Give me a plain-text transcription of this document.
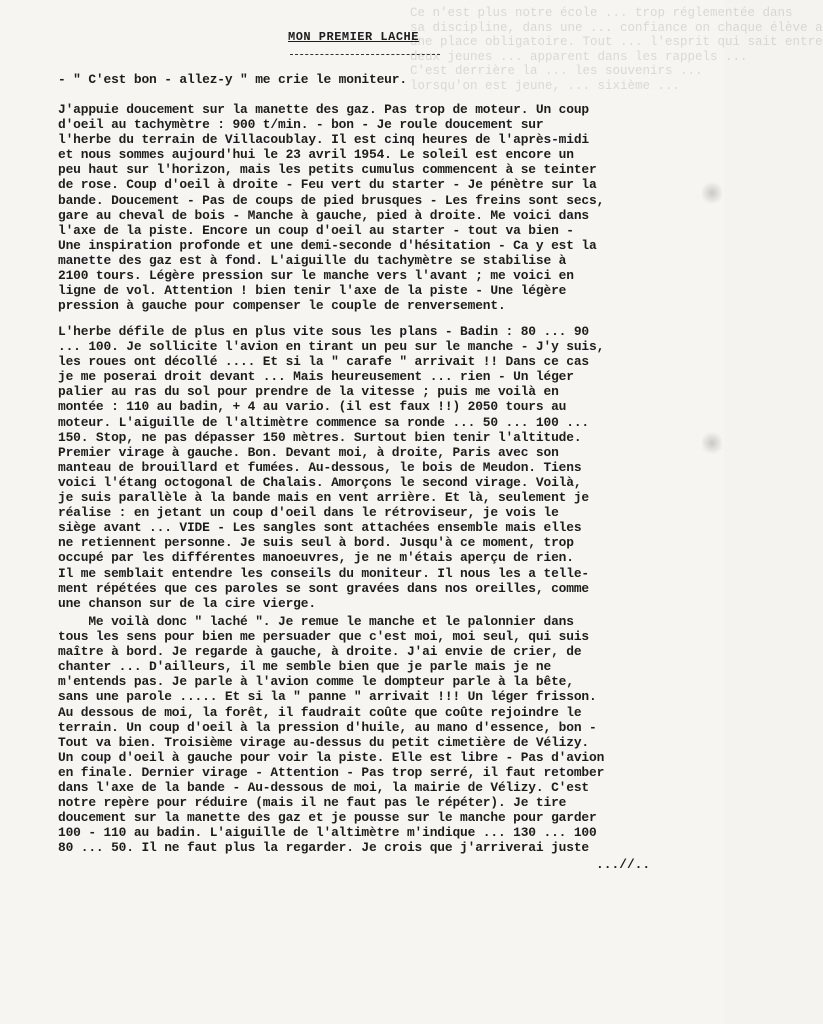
Ce n'est plus notre école ... trop réglementée dans
sa discipline, dans une ... confiance on chaque élève a
une place obligatoire. Tout ... l'esprit qui sait entre
deux jeunes ... apparent dans les rappels ...
C'est derrière la ... les souvenirs ...
lorsqu'on est jeune, ... sixième ...
MON PREMIER LACHE
- " C'est bon - allez-y " me crie le moniteur.
J'appuie doucement sur la manette des gaz. Pas trop de moteur. Un coup
d'oeil au tachymètre : 900 t/min. - bon - Je roule doucement sur
l'herbe du terrain de Villacoublay. Il est cinq heures de l'après-midi
et nous sommes aujourd'hui le 23 avril 1954. Le soleil est encore un
peu haut sur l'horizon, mais les petits cumulus commencent à se teinter
de rose. Coup d'oeil à droite - Feu vert du starter - Je pénètre sur la
bande. Doucement - Pas de coups de pied brusques - Les freins sont secs,
gare au cheval de bois - Manche à gauche, pied à droite. Me voici dans
l'axe de la piste. Encore un coup d'oeil au starter - tout va bien -
Une inspiration profonde et une demi-seconde d'hésitation - Ca y est la
manette des gaz est à fond. L'aiguille du tachymètre se stabilise à
2100 tours. Légère pression sur le manche vers l'avant ; me voici en
ligne de vol. Attention ! bien tenir l'axe de la piste - Une légère
pression à gauche pour compenser le couple de renversement.
L'herbe défile de plus en plus vite sous les plans - Badin : 80 ... 90
... 100. Je sollicite l'avion en tirant un peu sur le manche - J'y suis,
les roues ont décollé .... Et si la " carafe " arrivait !! Dans ce cas
je me poserai droit devant ... Mais heureusement ... rien - Un léger
palier au ras du sol pour prendre de la vitesse ; puis me voilà en
montée : 110 au badin, + 4 au vario. (il est faux !!) 2050 tours au
moteur. L'aiguille de l'altimètre commence sa ronde ... 50 ... 100 ...
150. Stop, ne pas dépasser 150 mètres. Surtout bien tenir l'altitude.
Premier virage à gauche. Bon. Devant moi, à droite, Paris avec son
manteau de brouillard et fumées. Au-dessous, le bois de Meudon. Tiens
voici l'étang octogonal de Chalais. Amorçons le second virage. Voilà,
je suis parallèle à la bande mais en vent arrière. Et là, seulement je
réalise : en jetant un coup d'oeil dans le rétroviseur, je vois le
siège avant ... VIDE - Les sangles sont attachées ensemble mais elles
ne retiennent personne. Je suis seul à bord. Jusqu'à ce moment, trop
occupé par les différentes manoeuvres, je ne m'étais aperçu de rien.
Il me semblait entendre les conseils du moniteur. Il nous les a telle-
ment répétées que ces paroles se sont gravées dans nos oreilles, comme
une chanson sur de la cire vierge.
Me voilà donc " laché ". Je remue le manche et le palonnier dans
tous les sens pour bien me persuader que c'est moi, moi seul, qui suis
maître à bord. Je regarde à gauche, à droite. J'ai envie de crier, de
chanter ... D'ailleurs, il me semble bien que je parle mais je ne
m'entends pas. Je parle à l'avion comme le dompteur parle à la bête,
sans une parole ..... Et si la " panne " arrivait !!! Un léger frisson.
Au dessous de moi, la forêt, il faudrait coûte que coûte rejoindre le
terrain. Un coup d'oeil à la pression d'huile, au mano d'essence, bon -
Tout va bien. Troisième virage au-dessus du petit cimetière de Vélizy.
Un coup d'oeil à gauche pour voir la piste. Elle est libre - Pas d'avion
en finale. Dernier virage - Attention - Pas trop serré, il faut retomber
dans l'axe de la bande - Au-dessous de moi, la mairie de Vélizy. C'est
notre repère pour réduire (mais il ne faut pas le répéter). Je tire
doucement sur la manette des gaz et je pousse sur le manche pour garder
100 - 110 au badin. L'aiguille de l'altimètre m'indique ... 130 ... 100
80 ... 50. Il ne faut plus la regarder. Je crois que j'arriverai juste
...//..
